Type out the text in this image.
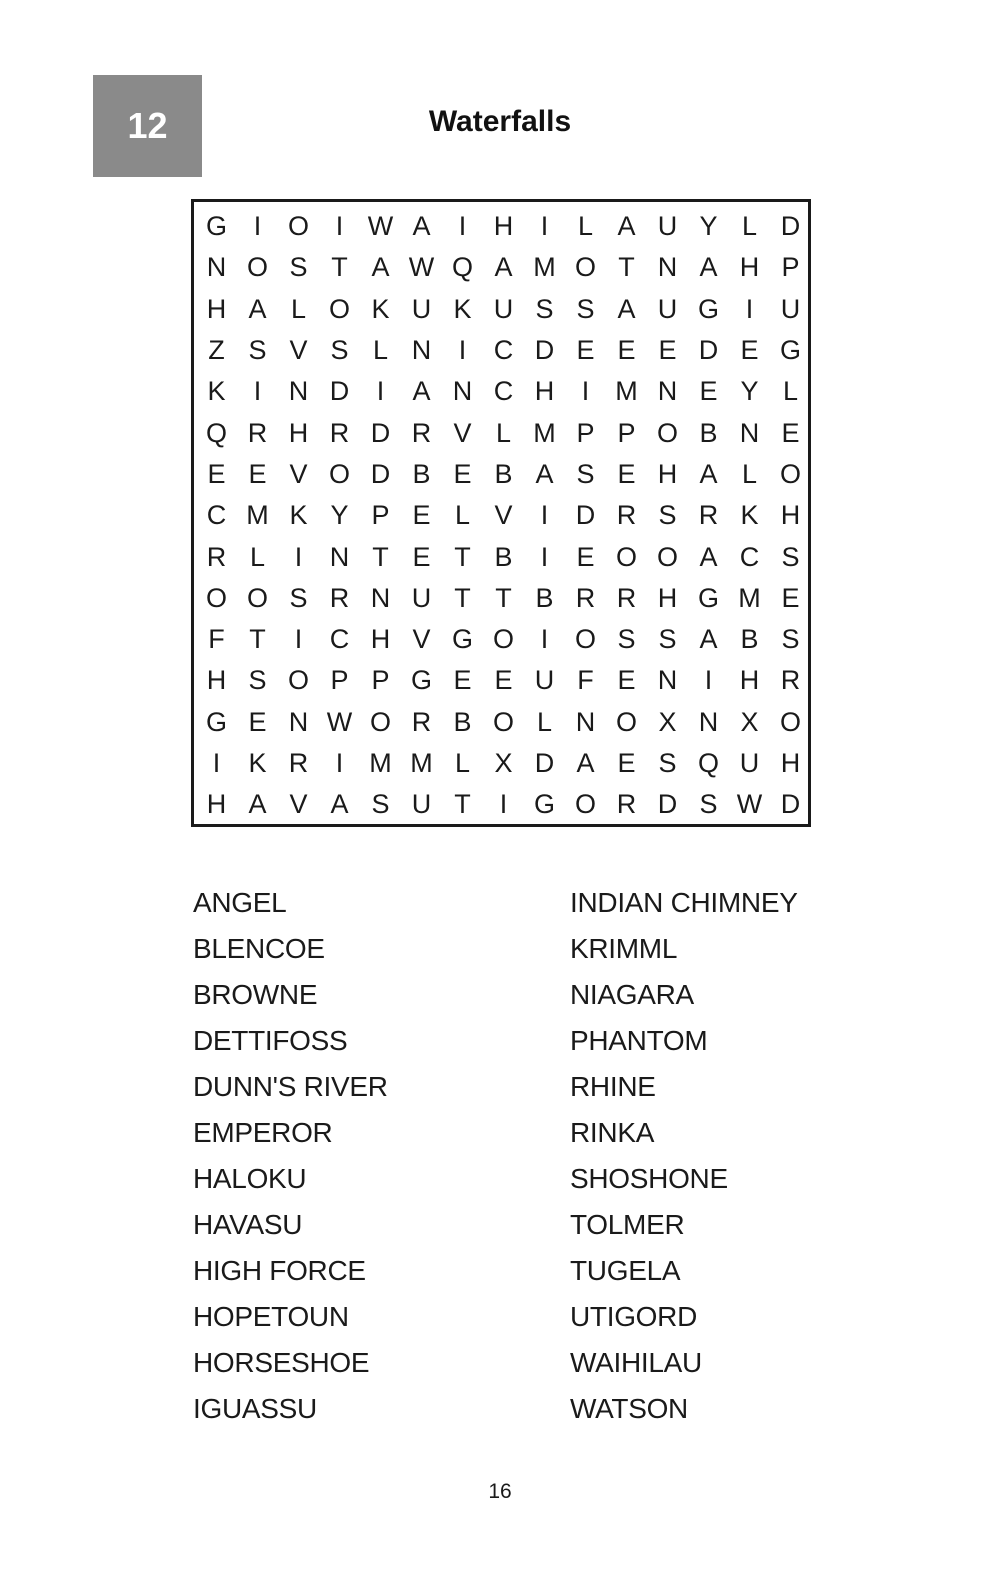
12	Waterfalls
G I O I W A	I	H	I	L A U Y L D
N O S T A W Q A M O T N A H P
H A L O K U K U S S A U G I	U
Z S V S L N	I	C D E E E D E G
K	I	N D	I	A N C H	I M N E Y L
Q R H R D R V L M P P O B N E
E E V O D B E B A S E H A L O
C M K Y P E L V	I	D R S R K H
R L	I	N T E T B	I	E O O A C S
O O S R N U T T B R R H G M E
F T	I	C H V G O I O S S A B S
H S O P P G E E U F E N	I	H R
G E N W O R B O L N O X N X O
I	K R	I M M L X D A E S Q U H
H A V A S U T	I G O R D S W D
ANGEL
BLENCOE
BROWNE
DETTIFOSS
DUNN'S RIVER
EMPEROR
HALOKU
HAVASU
HIGH FORCE
HOPETOUN
HORSESHOE
IGUASSU
INDIAN CHIMNEY
KRIMML
NIAGARA
PHANTOM
RHINE
RINKA
SHOSHONE
TOLMER
TUGELA
UTIGORD
WAIHILAU
WATSON
16
